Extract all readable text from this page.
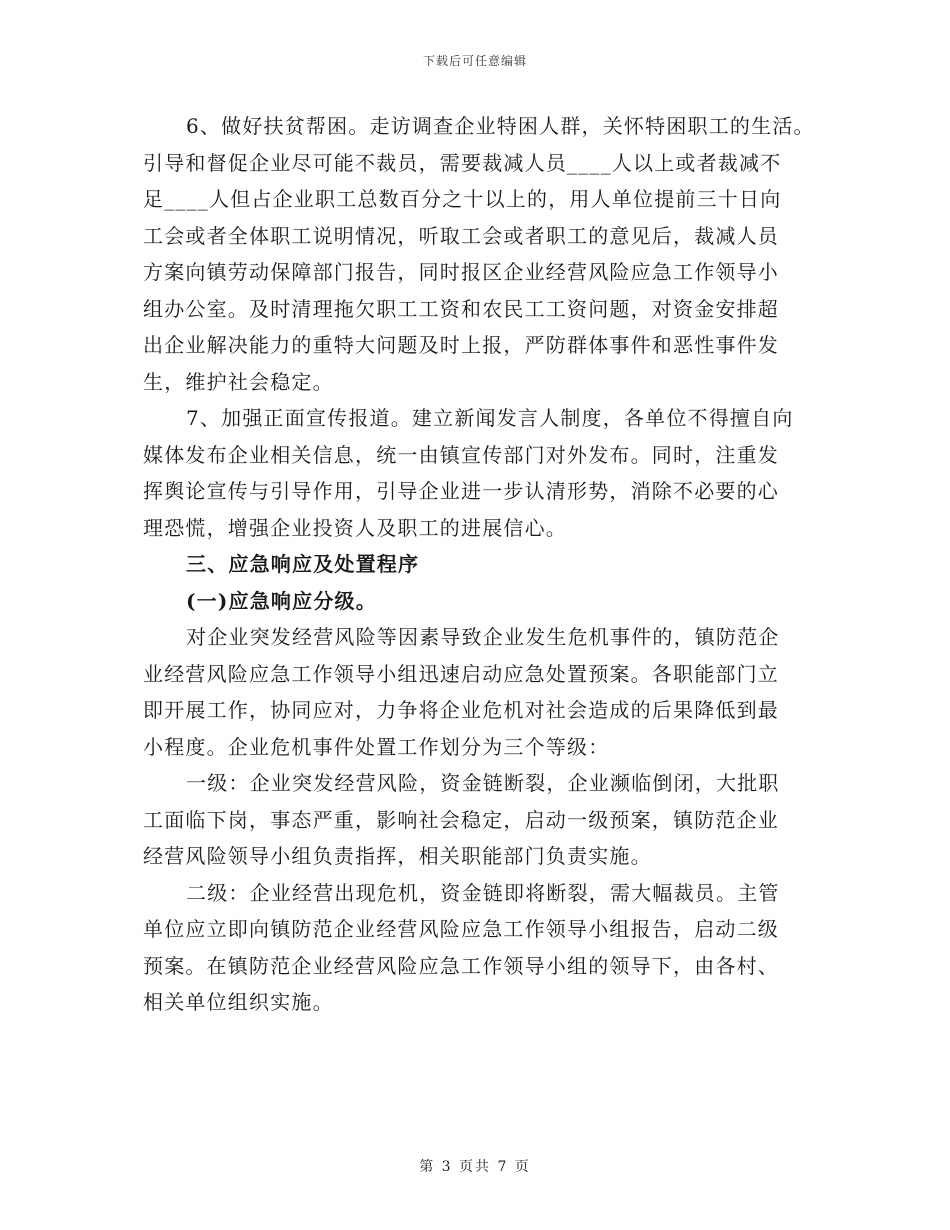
下载后可任意编辑
6、做好扶贫帮困。走访调查企业特困人群，关怀特困职工的生活。
引导和督促企业尽可能不裁员，需要裁减人员____人以上或者裁减不
足____人但占企业职工总数百分之十以上的，用人单位提前三十日向
工会或者全体职工说明情况，听取工会或者职工的意见后，裁减人员
方案向镇劳动保障部门报告，同时报区企业经营风险应急工作领导小
组办公室。及时清理拖欠职工工资和农民工工资问题，对资金安排超
出企业解决能力的重特大问题及时上报，严防群体事件和恶性事件发
生，维护社会稳定。
7、加强正面宣传报道。建立新闻发言人制度，各单位不得擅自向
媒体发布企业相关信息，统一由镇宣传部门对外发布。同时，注重发
挥舆论宣传与引导作用，引导企业进一步认清形势，消除不必要的心
理恐慌，增强企业投资人及职工的进展信心。
三、应急响应及处置程序
(一)应急响应分级。
对企业突发经营风险等因素导致企业发生危机事件的，镇防范企
业经营风险应急工作领导小组迅速启动应急处置预案。各职能部门立
即开展工作，协同应对，力争将企业危机对社会造成的后果降低到最
小程度。企业危机事件处置工作划分为三个等级：
一级：企业突发经营风险，资金链断裂，企业濒临倒闭，大批职
工面临下岗，事态严重，影响社会稳定，启动一级预案，镇防范企业
经营风险领导小组负责指挥，相关职能部门负责实施。
二级：企业经营出现危机，资金链即将断裂，需大幅裁员。主管
单位应立即向镇防范企业经营风险应急工作领导小组报告，启动二级
预案。在镇防范企业经营风险应急工作领导小组的领导下，由各村、
相关单位组织实施。
第 3 页共 7 页
